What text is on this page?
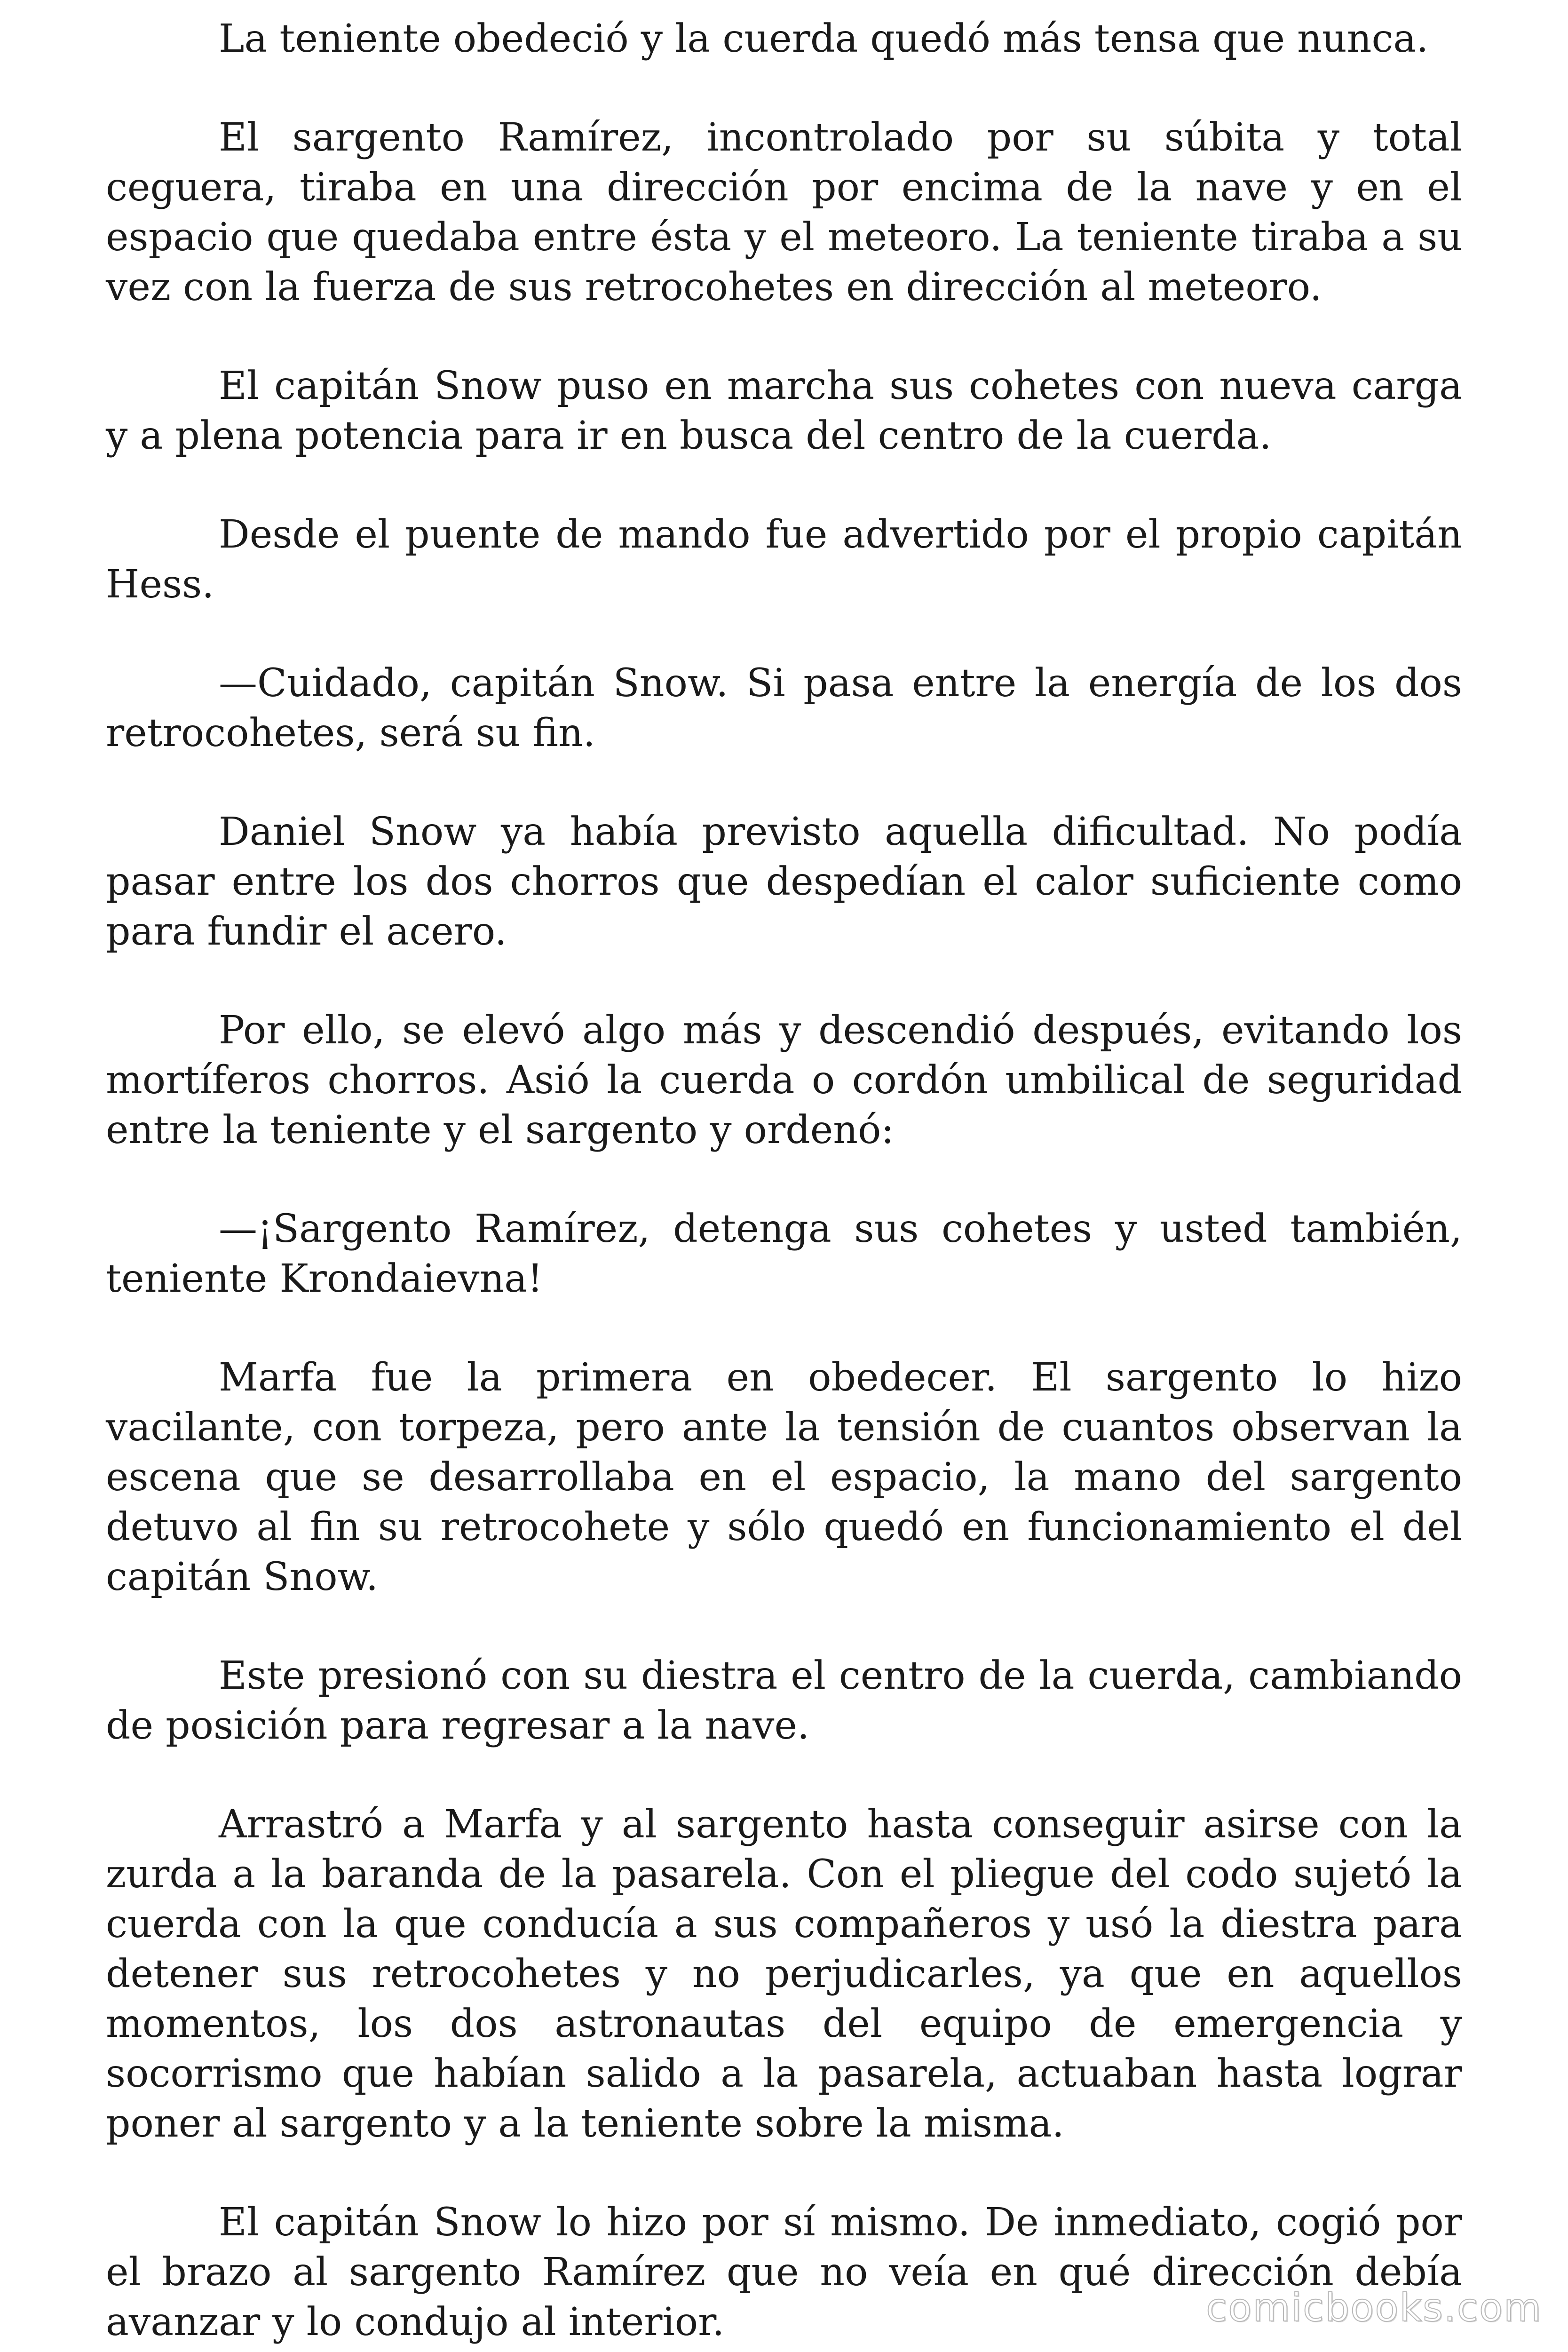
La teniente obedeció y la cuerda quedó más tensa que nunca.

El sargento Ramírez, incontrolado por su súbita y total ceguera, tiraba en una dirección por encima de la nave y en el espacio que quedaba entre ésta y el meteoro. La teniente tiraba a su vez con la fuerza de sus retrocohetes en dirección al meteoro.

El capitán Snow puso en marcha sus cohetes con nueva carga y a plena potencia para ir en busca del centro de la cuerda.

Desde el puente de mando fue advertido por el propio capitán Hess.

—Cuidado, capitán Snow. Si pasa entre la energía de los dos retrocohetes, será su fin.

Daniel Snow ya había previsto aquella dificultad. No podía pasar entre los dos chorros que despedían el calor suficiente como para fundir el acero.

Por ello, se elevó algo más y descendió después, evitando los mortíferos chorros. Asió la cuerda o cordón umbilical de seguridad entre la teniente y el sargento y ordenó:

—¡Sargento Ramírez, detenga sus cohetes y usted también, teniente Krondaievna!

Marfa fue la primera en obedecer. El sargento lo hizo vacilante, con torpeza, pero ante la tensión de cuantos observan la escena que se desarrollaba en el espacio, la mano del sargento detuvo al fin su retrocohete y sólo quedó en funcionamiento el del capitán Snow.

Este presionó con su diestra el centro de la cuerda, cambiando de posición para regresar a la nave.

Arrastró a Marfa y al sargento hasta conseguir asirse con la zurda a la baranda de la pasarela. Con el pliegue del codo sujetó la cuerda con la que conducía a sus compañeros y usó la diestra para detener sus retrocohetes y no perjudicarles, ya que en aquellos momentos, los dos astronautas del equipo de emergencia y socorrismo que habían salido a la pasarela, actuaban hasta lograr poner al sargento y a la teniente sobre la misma.

El capitán Snow lo hizo por sí mismo. De inmediato, cogió por el brazo al sargento Ramírez que no veía en qué dirección debía avanzar y lo condujo al interior.	comicbooks.com
